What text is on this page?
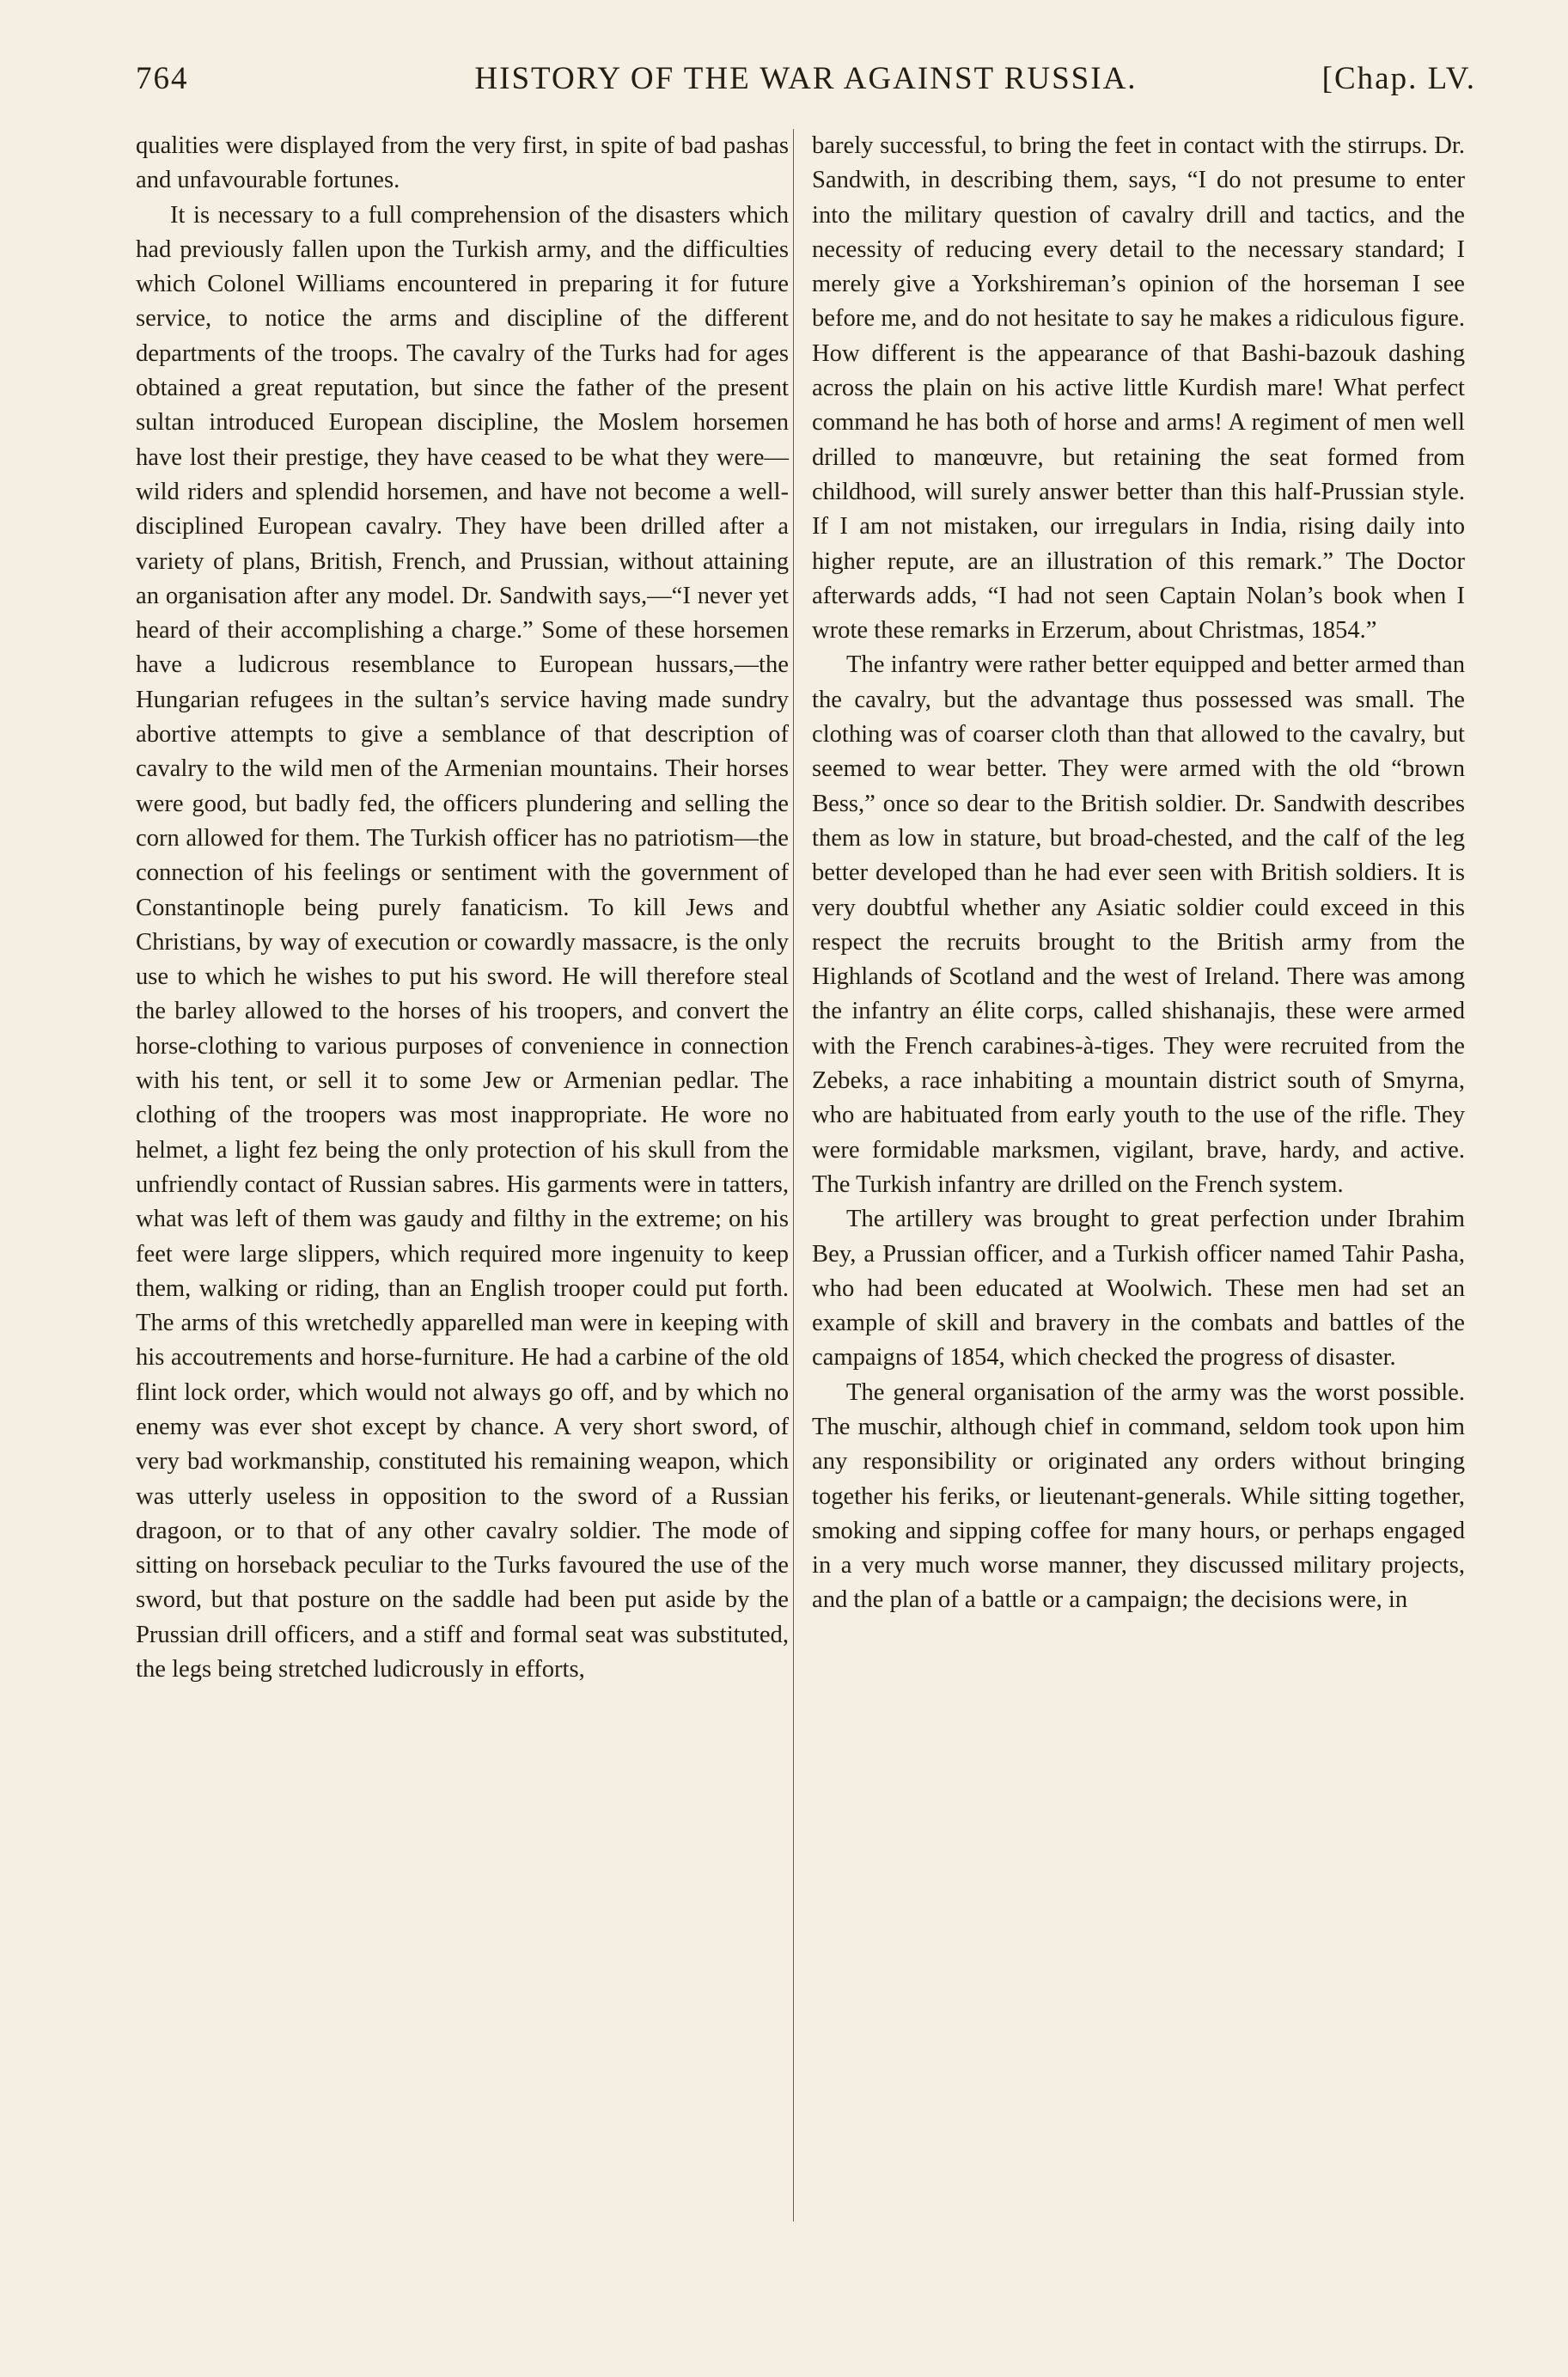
764	HISTORY OF THE WAR AGAINST RUSSIA.	[Chap. LV.

qualities were displayed from the very first, in spite of bad pashas and unfavourable fortunes.

It is necessary to a full comprehension of the disasters which had previously fallen upon the Turkish army, and the difficulties which Colonel Williams encountered in preparing it for future service, to notice the arms and discipline of the different departments of the troops. The cavalry of the Turks had for ages obtained a great reputation, but since the father of the present sultan introduced European discipline, the Moslem horsemen have lost their prestige, they have ceased to be what they were—wild riders and splendid horsemen, and have not become a well-disciplined European cavalry. They have been drilled after a variety of plans, British, French, and Prussian, without attaining an organisation after any model. Dr. Sandwith says,—“I never yet heard of their accomplishing a charge.” Some of these horsemen have a ludicrous resemblance to European hussars,—the Hungarian refugees in the sultan’s service having made sundry abortive attempts to give a semblance of that description of cavalry to the wild men of the Armenian mountains. Their horses were good, but badly fed, the officers plundering and selling the corn allowed for them. The Turkish officer has no patriotism—the connection of his feelings or sentiment with the government of Constantinople being purely fanaticism. To kill Jews and Christians, by way of execution or cowardly massacre, is the only use to which he wishes to put his sword. He will therefore steal the barley allowed to the horses of his troopers, and convert the horse-clothing to various purposes of convenience in connection with his tent, or sell it to some Jew or Armenian pedlar. The clothing of the troopers was most inappropriate. He wore no helmet, a light fez being the only protection of his skull from the unfriendly contact of Russian sabres. His garments were in tatters, what was left of them was gaudy and filthy in the extreme; on his feet were large slippers, which required more ingenuity to keep them, walking or riding, than an English trooper could put forth. The arms of this wretchedly apparelled man were in keeping with his accoutrements and horse-furniture. He had a carbine of the old flint lock order, which would not always go off, and by which no enemy was ever shot except by chance. A very short sword, of very bad workmanship, constituted his remaining weapon, which was utterly useless in opposition to the sword of a Russian dragoon, or to that of any other cavalry soldier. The mode of sitting on horseback peculiar to the Turks favoured the use of the sword, but that posture on the saddle had been put aside by the Prussian drill officers, and a stiff and formal seat was substituted, the legs being stretched ludicrously in efforts,

barely successful, to bring the feet in contact with the stirrups. Dr. Sandwith, in describing them, says, “I do not presume to enter into the military question of cavalry drill and tactics, and the necessity of reducing every detail to the necessary standard; I merely give a Yorkshireman’s opinion of the horseman I see before me, and do not hesitate to say he makes a ridiculous figure. How different is the appearance of that Bashi-bazouk dashing across the plain on his active little Kurdish mare! What perfect command he has both of horse and arms! A regiment of men well drilled to manœuvre, but retaining the seat formed from childhood, will surely answer better than this half-Prussian style. If I am not mistaken, our irregulars in India, rising daily into higher repute, are an illustration of this remark.” The Doctor afterwards adds, “I had not seen Captain Nolan’s book when I wrote these remarks in Erzerum, about Christmas, 1854.”

The infantry were rather better equipped and better armed than the cavalry, but the advantage thus possessed was small. The clothing was of coarser cloth than that allowed to the cavalry, but seemed to wear better. They were armed with the old “brown Bess,” once so dear to the British soldier. Dr. Sandwith describes them as low in stature, but broad-chested, and the calf of the leg better developed than he had ever seen with British soldiers. It is very doubtful whether any Asiatic soldier could exceed in this respect the recruits brought to the British army from the Highlands of Scotland and the west of Ireland. There was among the infantry an élite corps, called shishanajis, these were armed with the French carabines-à-tiges. They were recruited from the Zebeks, a race inhabiting a mountain district south of Smyrna, who are habituated from early youth to the use of the rifle. They were formidable marksmen, vigilant, brave, hardy, and active. The Turkish infantry are drilled on the French system.

The artillery was brought to great perfection under Ibrahim Bey, a Prussian officer, and a Turkish officer named Tahir Pasha, who had been educated at Woolwich. These men had set an example of skill and bravery in the combats and battles of the campaigns of 1854, which checked the progress of disaster.

The general organisation of the army was the worst possible. The muschir, although chief in command, seldom took upon him any responsibility or originated any orders without bringing together his feriks, or lieutenant-generals. While sitting together, smoking and sipping coffee for many hours, or perhaps engaged in a very much worse manner, they discussed military projects, and the plan of a battle or a campaign; the decisions were, in
